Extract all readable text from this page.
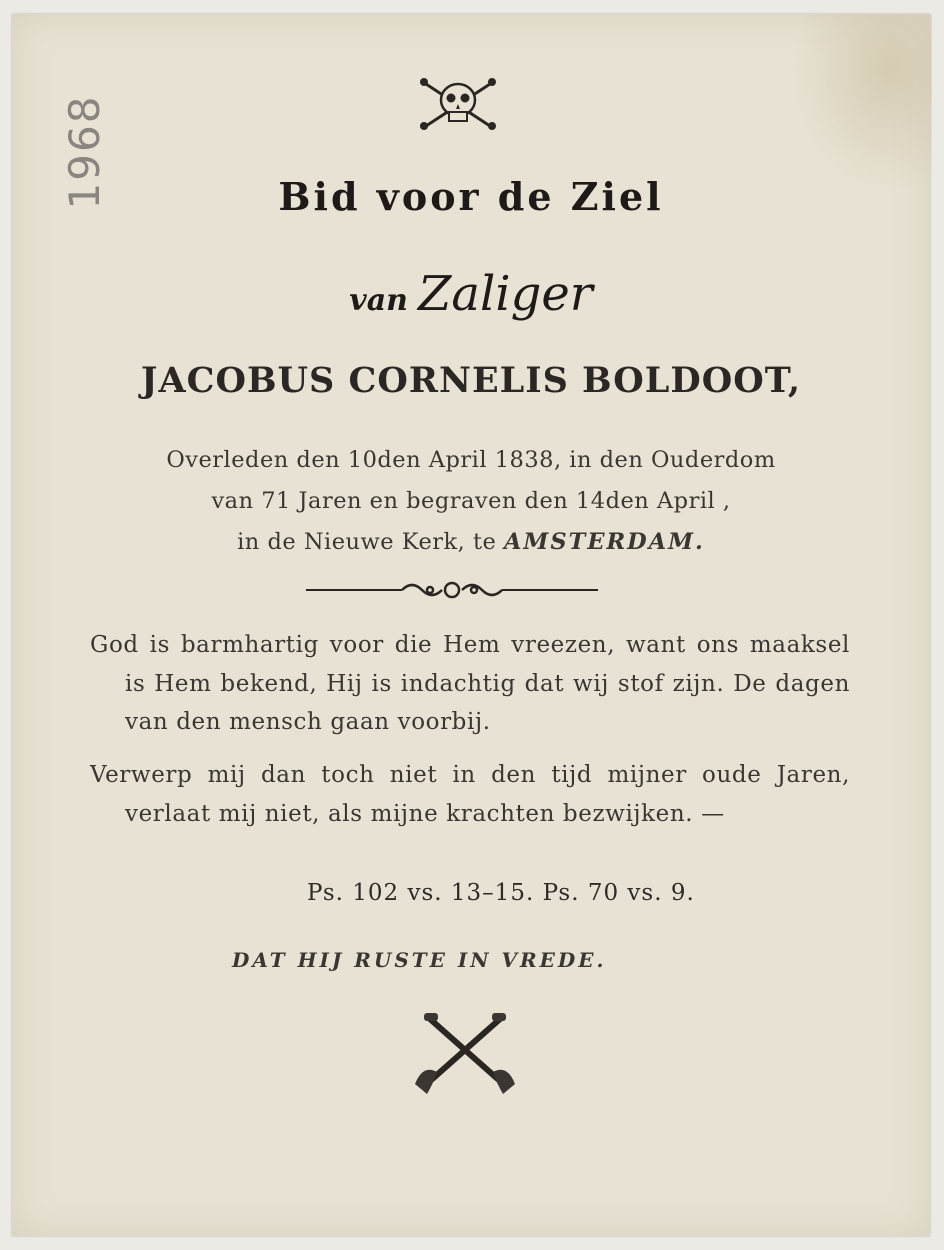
1968	Bid voor de Ziel
van Zaliger
JACOBUS CORNELIS BOLDOOT,
Overleden den 10den April 1838, in den Ouderdom
van 71 Jaren en begraven den 14den April ,
in de Nieuwe Kerk, te AMSTERDAM.

God is barmhartig voor die Hem vreezen, want ons maaksel is Hem bekend, Hij is indachtig dat wij stof zijn. De dagen van den mensch gaan voorbij.

Verwerp mij dan toch niet in den tijd mijner oude Jaren, verlaat mij niet, als mijne krachten bezwijken. —

Ps. 102 vs. 13–15. Ps. 70 vs. 9.
DAT HIJ RUSTE IN VREDE.
